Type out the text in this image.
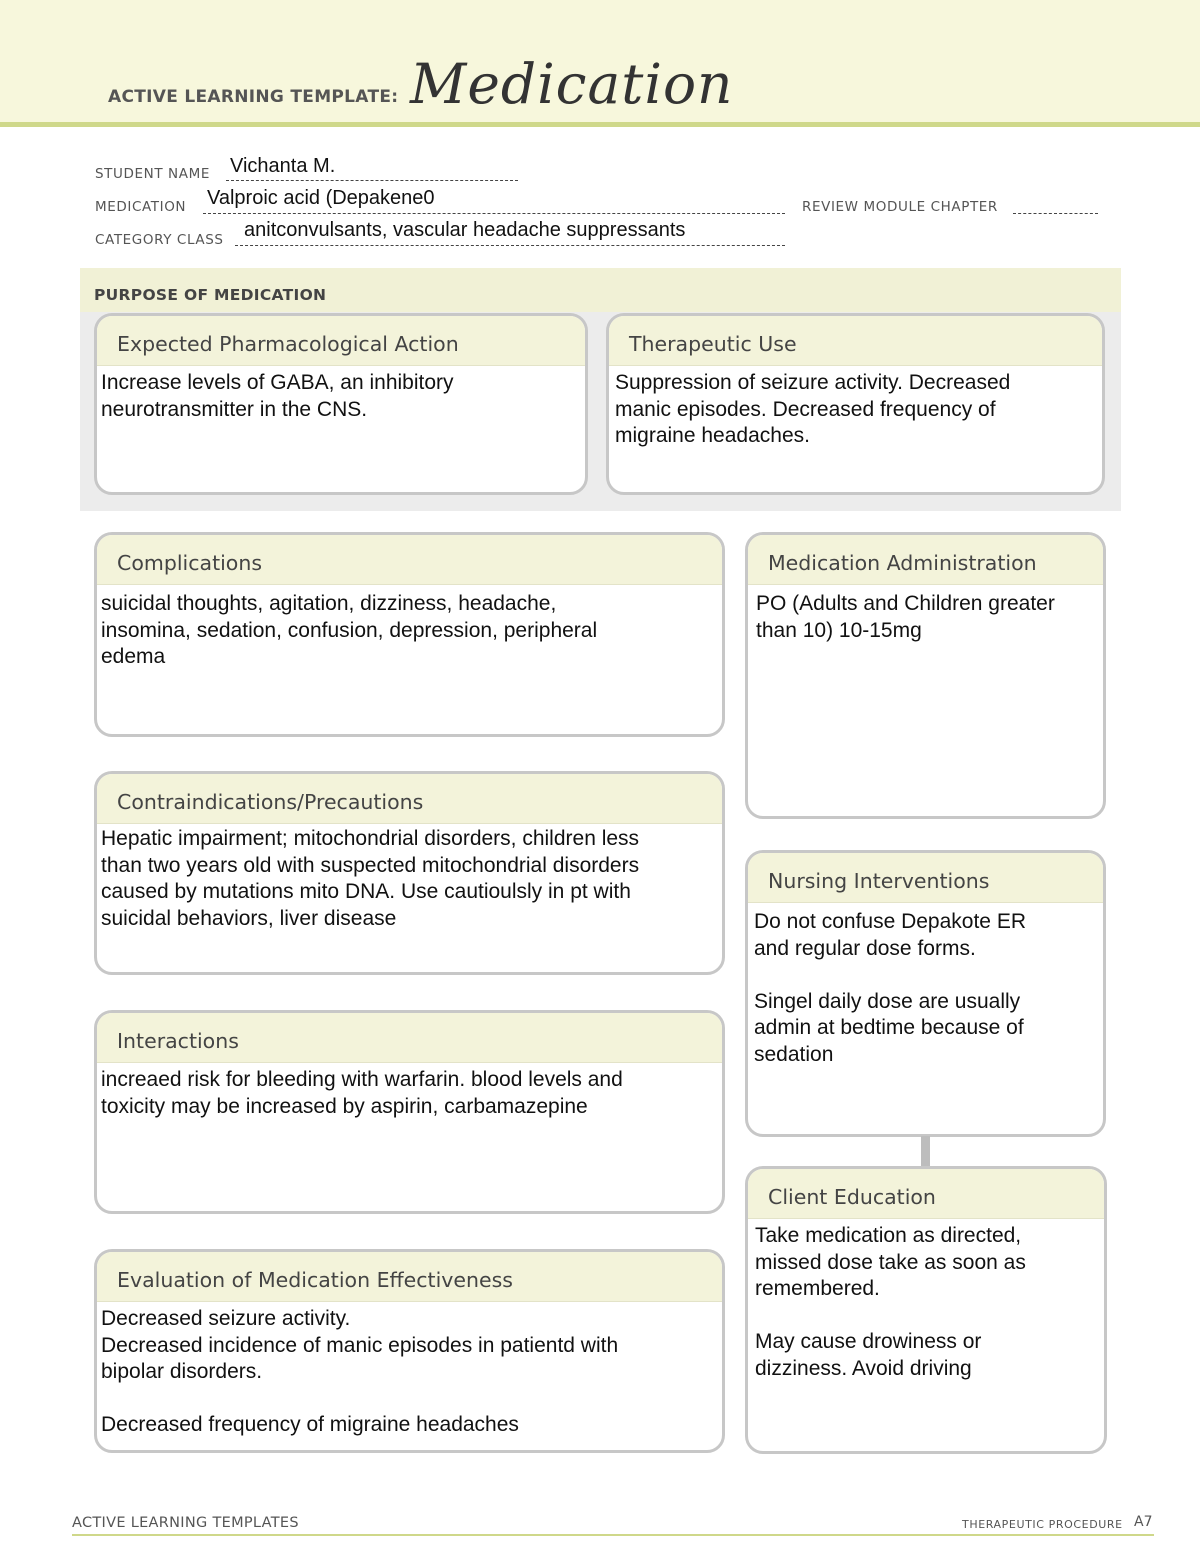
ACTIVE LEARNING TEMPLATE: Medication
STUDENT NAME Vichanta M.
MEDICATION Valproic acid (Depakene0	REVIEW MODULE CHAPTER
CATEGORY CLASS anitconvulsants, vascular headache suppressants
PURPOSE OF MEDICATION
Expected Pharmacological Action
Increase levels of GABA, an inhibitory
neurotransmitter in the CNS.
Therapeutic Use
Suppression of seizure activity. Decreased
manic episodes. Decreased frequency of
migraine headaches.
Complications
suicidal thoughts, agitation, dizziness, headache,
insomina, sedation, confusion, depression, peripheral
edema
Contraindications/Precautions
Hepatic impairment; mitochondrial disorders, children less
than two years old with suspected mitochondrial disorders
caused by mutations mito DNA. Use cautioulsly in pt with
suicidal behaviors, liver disease
Interactions
increaed risk for bleeding with warfarin. blood levels and
toxicity may be increased by aspirin, carbamazepine
Evaluation of Medication Effectiveness
Decreased seizure activity.
Decreased incidence of manic episodes in patientd with
bipolar disorders.

Decreased frequency of migraine headaches
Medication Administration
PO (Adults and Children greater
than 10) 10-15mg
Nursing Interventions
Do not confuse Depakote ER
and regular dose forms.

Singel daily dose are usually
admin at bedtime because of
sedation
Client Education
Take medication as directed,
missed dose take as soon as
remembered.

May cause drowiness or
dizziness. Avoid driving
ACTIVE LEARNING TEMPLATES	THERAPEUTIC PROCEDURE A7
